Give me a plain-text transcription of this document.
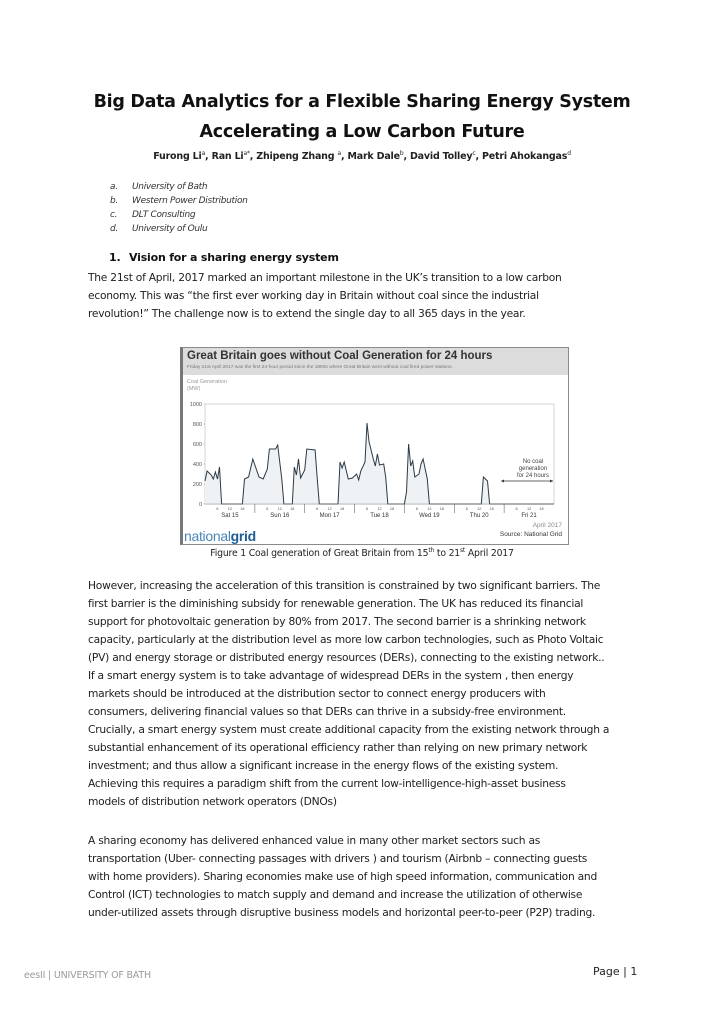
Big Data Analytics for a Flexible Sharing Energy System
Accelerating a Low Carbon Future
Furong Li$^a$, Ran $Li^{a*}$, Zhipeng Zhang $^a$, Mark Dale$^b$, David Tolley$^c$, Petri Ahokangas$^d$
a. University of Bath
b. Western Power Distribution
c. DLT Consulting
d. University of Oulu
1. Vision for a sharing energy system
The 21st of April, 2017 marked an important milestone in the UK’s transition to a low carbon
economy. This was “the first ever working day in Britain without coal since the industrial
revolution!” The challenge now is to extend the single day to all 365 days in the year.
Great Britain goes without Coal Generation for 24 hours
Friday 21st April 2017 was the first 24-hour period since the 1880s where Great Britain went without coal fired power stations.
Coal Generation
(MW)
0
200
400
600
800
1000
6 12 18
Sat 15
6 12 18
Sun 16
6 12 18
Mon 17
6 12 18
Tue 18
6 12 18
Wed 19
6 12 18
Thu 20
6 12 18
Fri 21
No coal
generation
for 24 hours
nationalgrid
April 2017
Source: National Grid
Figure 1 Coal generation of Great Britain from 15th to 21st April 2017
However, increasing the acceleration of this transition is constrained by two significant barriers. The
first barrier is the diminishing subsidy for renewable generation. The UK has reduced its financial
support for photovoltaic generation by 80% from 2017. The second barrier is a shrinking network
capacity, particularly at the distribution level as more low carbon technologies, such as Photo Voltaic
(PV) and energy storage or distributed energy resources (DERs), connecting to the existing network..
If a smart energy system is to take advantage of widespread DERs in the system , then energy
markets should be introduced at the distribution sector to connect energy producers with
consumers, delivering financial values so that DERs can thrive in a subsidy-free environment.
Crucially, a smart energy system must create additional capacity from the existing network through a
substantial enhancement of its operational efficiency rather than relying on new primary network
investment; and thus allow a significant increase in the energy flows of the existing system.
Achieving this requires a paradigm shift from the current low-intelligence-high-asset business
models of distribution network operators (DNOs)
A sharing economy has delivered enhanced value in many other market sectors such as
transportation (Uber- connecting passages with drivers ) and tourism (Airbnb – connecting guests
with home providers). Sharing economies make use of high speed information, communication and
Control (ICT) technologies to match supply and demand and increase the utilization of otherwise
under-utilized assets through disruptive business models and horizontal peer-to-peer (P2P) trading.
eesII | UNIVERSITY OF BATH	Page | 1
